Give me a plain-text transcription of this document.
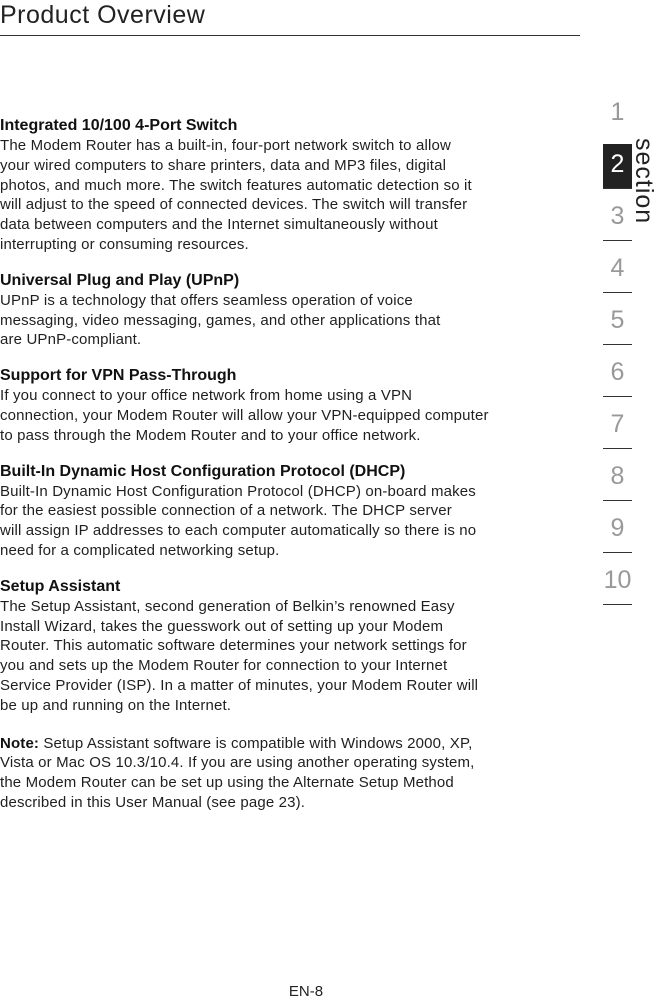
Product Overview
Integrated 10/100 4-Port Switch

The Modem Router has a built-in, four-port network switch to allow
your wired computers to share printers, data and MP3 files, digital
photos, and much more. The switch features automatic detection so it
will adjust to the speed of connected devices. The switch will transfer
data between computers and the Internet simultaneously without
interrupting or consuming resources.

Universal Plug and Play (UPnP)

UPnP is a technology that offers seamless operation of voice
messaging, video messaging, games, and other applications that
are UPnP-compliant.

Support for VPN Pass-Through

If you connect to your office network from home using a VPN
connection, your Modem Router will allow your VPN-equipped computer
to pass through the Modem Router and to your office network.

Built-In Dynamic Host Configuration Protocol (DHCP)

Built-In Dynamic Host Configuration Protocol (DHCP) on-board makes
for the easiest possible connection of a network. The DHCP server
will assign IP addresses to each computer automatically so there is no
need for a complicated networking setup.

Setup Assistant

The Setup Assistant, second generation of Belkin’s renowned Easy
Install Wizard, takes the guesswork out of setting up your Modem
Router. This automatic software determines your network settings for
you and sets up the Modem Router for connection to your Internet
Service Provider (ISP). In a matter of minutes, your Modem Router will
be up and running on the Internet.

Note: Setup Assistant software is compatible with Windows 2000, XP,
Vista or Mac OS 10.3/10.4. If you are using another operating system,
the Modem Router can be set up using the Alternate Setup Method
described in this User Manual (see page 23).

1
2
3
4
5
6
7
8
9
10
section
EN-8
